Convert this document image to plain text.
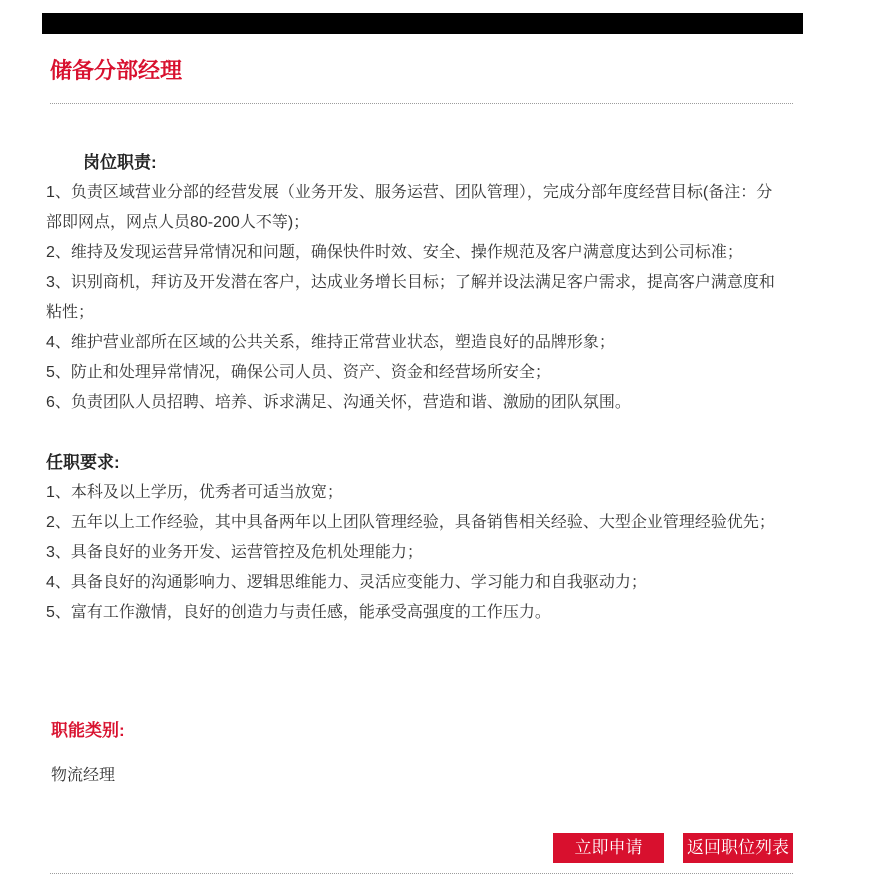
储备分部经理

岗位职责:

1、负责区域营业分部的经营发展（业务开发、服务运营、团队管理），完成分部年度经营目标(备注：分部即网点，网点人员80-200人不等)；

2、维持及发现运营异常情况和问题，确保快件时效、安全、操作规范及客户满意度达到公司标准；

3、识别商机，拜访及开发潜在客户，达成业务增长目标；了解并设法满足客户需求，提高客户满意度和粘性；

4、维护营业部所在区域的公共关系，维持正常营业状态，塑造良好的品牌形象；

5、防止和处理异常情况，确保公司人员、资产、资金和经营场所安全；

6、负责团队人员招聘、培养、诉求满足、沟通关怀，营造和谐、激励的团队氛围。

任职要求:

1、本科及以上学历，优秀者可适当放宽；

2、五年以上工作经验，其中具备两年以上团队管理经验，具备销售相关经验、大型企业管理经验优先；

3、具备良好的业务开发、运营管控及危机处理能力；

4、具备良好的沟通影响力、逻辑思维能力、灵活应变能力、学习能力和自我驱动力；

5、富有工作激情，良好的创造力与责任感，能承受高强度的工作压力。

职能类别:
物流经理
立即申请	返回职位列表
